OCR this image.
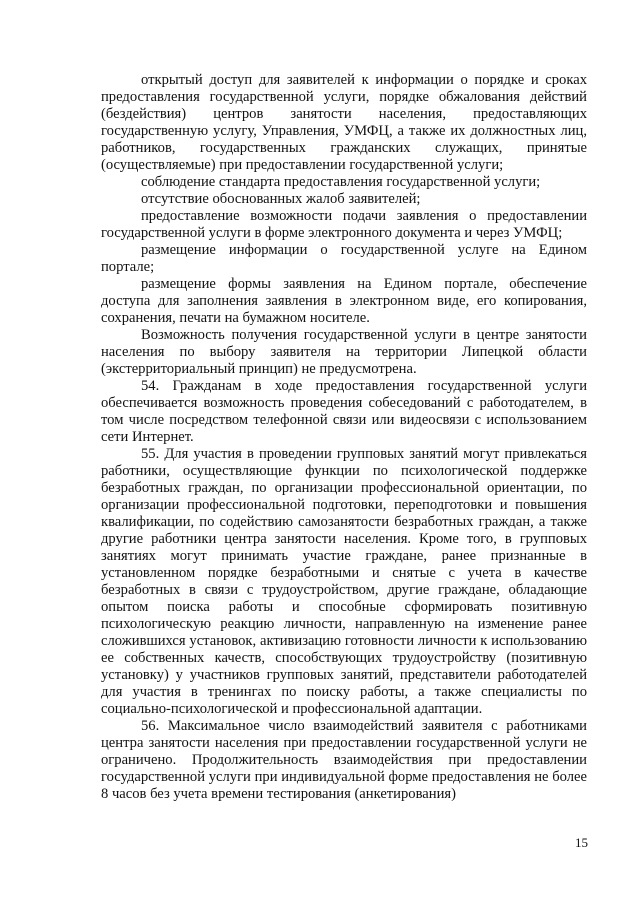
открытый доступ для заявителей к информации о порядке и сроках предоставления государственной услуги, порядке обжалования действий (бездействия) центров занятости населения, предоставляющих государственную услугу, Управления, УМФЦ, а также их должностных лиц, работников, государственных гражданских служащих, принятые (осуществляемые) при предоставлении государственной услуги;

соблюдение стандарта предоставления государственной услуги;

отсутствие обоснованных жалоб заявителей;

предоставление возможности подачи заявления о предоставлении государственной услуги в форме электронного документа и через УМФЦ;

размещение информации о государственной услуге на Едином портале;

размещение формы заявления на Едином портале, обеспечение доступа для заполнения заявления в электронном виде, его копирования, сохранения, печати на бумажном носителе.

Возможность получения государственной услуги в центре занятости населения по выбору заявителя на территории Липецкой области (экстерриториальный принцип) не предусмотрена.

54. Гражданам в ходе предоставления государственной услуги обеспечивается возможность проведения собеседований с работодателем, в том числе посредством телефонной связи или видеосвязи с использованием сети Интернет.

55. Для участия в проведении групповых занятий могут привлекаться работники, осуществляющие функции по психологической поддержке безработных граждан, по организации профессиональной ориентации, по организации профессиональной подготовки, переподготовки и повышения квалификации, по содействию самозанятости безработных граждан, а также другие работники центра занятости населения. Кроме того, в групповых занятиях могут принимать участие граждане, ранее признанные в установленном порядке безработными и снятые с учета в качестве безработных в связи с трудоустройством, другие граждане, обладающие опытом поиска работы и способные сформировать позитивную психологическую реакцию личности, направленную на изменение ранее сложившихся установок, активизацию готовности личности к использованию ее собственных качеств, способствующих трудоустройству (позитивную установку) у участников групповых занятий, представители работодателей для участия в тренингах по поиску работы, а также специалисты по социально-психологической и профессиональной адаптации.

56. Максимальное число взаимодействий заявителя с работниками центра занятости населения при предоставлении государственной услуги не ограничено. Продолжительность взаимодействия при предоставлении государственной услуги при индивидуальной форме предоставления не более 8 часов без учета времени тестирования (анкетирования)

15
